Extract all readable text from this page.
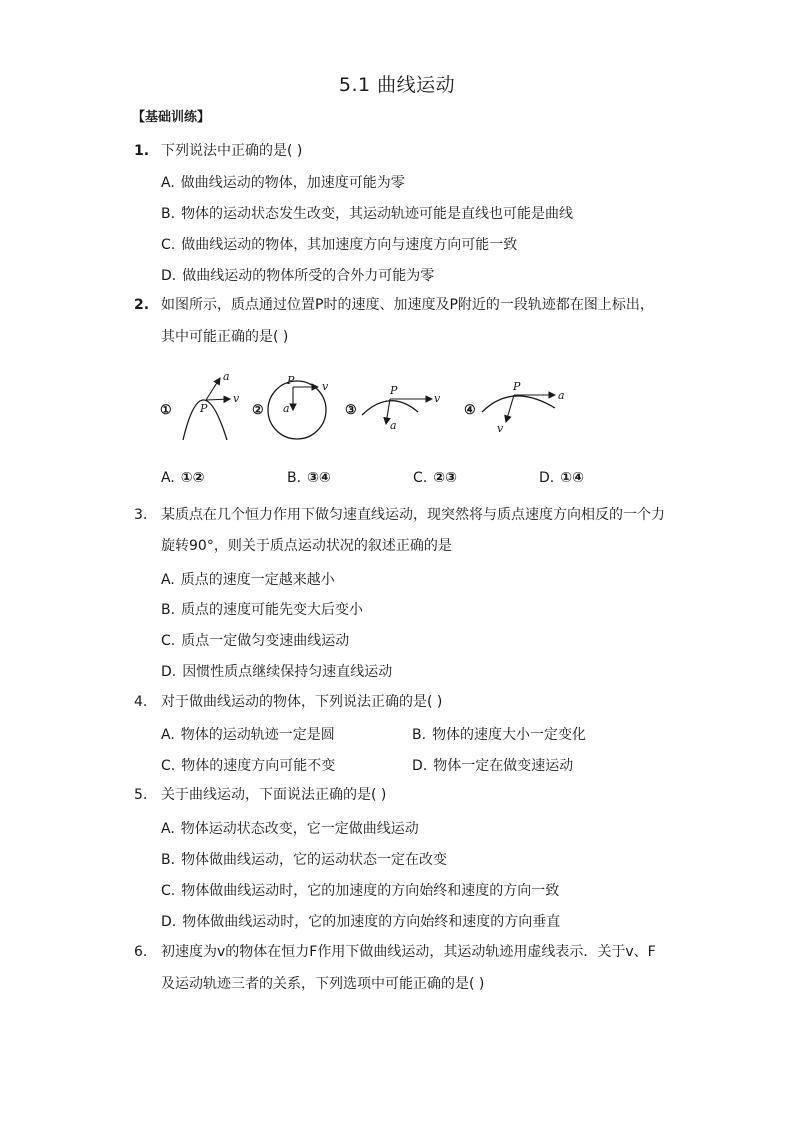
5.1 曲线运动
【基础训练】
1. 下列说法中正确的是( )
A. 做曲线运动的物体，加速度可能为零
B. 物体的运动状态发生改变，其运动轨迹可能是直线也可能是曲线
C. 做曲线运动的物体，其加速度方向与速度方向可能一致
D. 做曲线运动的物体所受的合外力可能为零
2. 如图所示，质点通过位置P时的速度、加速度及P附近的一段轨迹都在图上标出，
其中可能正确的是( )
①	P
a
v
②
P	v
a	③
P
v
a
④
P
a
v
A. ①②	B. ③④	C. ②③	D. ①④
3. 某质点在几个恒力作用下做匀速直线运动，现突然将与质点速度方向相反的一个力
旋转90°，则关于质点运动状况的叙述正确的是
A. 质点的速度一定越来越小
B. 质点的速度可能先变大后变小
C. 质点一定做匀变速曲线运动
D. 因惯性质点继续保持匀速直线运动
4. 对于做曲线运动的物体，下列说法正确的是( )
A. 物体的运动轨迹一定是圆	B. 物体的速度大小一定变化
C. 物体的速度方向可能不变	D. 物体一定在做变速运动
5. 关于曲线运动，下面说法正确的是( )
A. 物体运动状态改变，它一定做曲线运动
B. 物体做曲线运动，它的运动状态一定在改变
C. 物体做曲线运动时，它的加速度的方向始终和速度的方向一致
D. 物体做曲线运动时，它的加速度的方向始终和速度的方向垂直
6. 初速度为v的物体在恒力F作用下做曲线运动，其运动轨迹用虚线表示．关于v、F
及运动轨迹三者的关系，下列选项中可能正确的是( )
